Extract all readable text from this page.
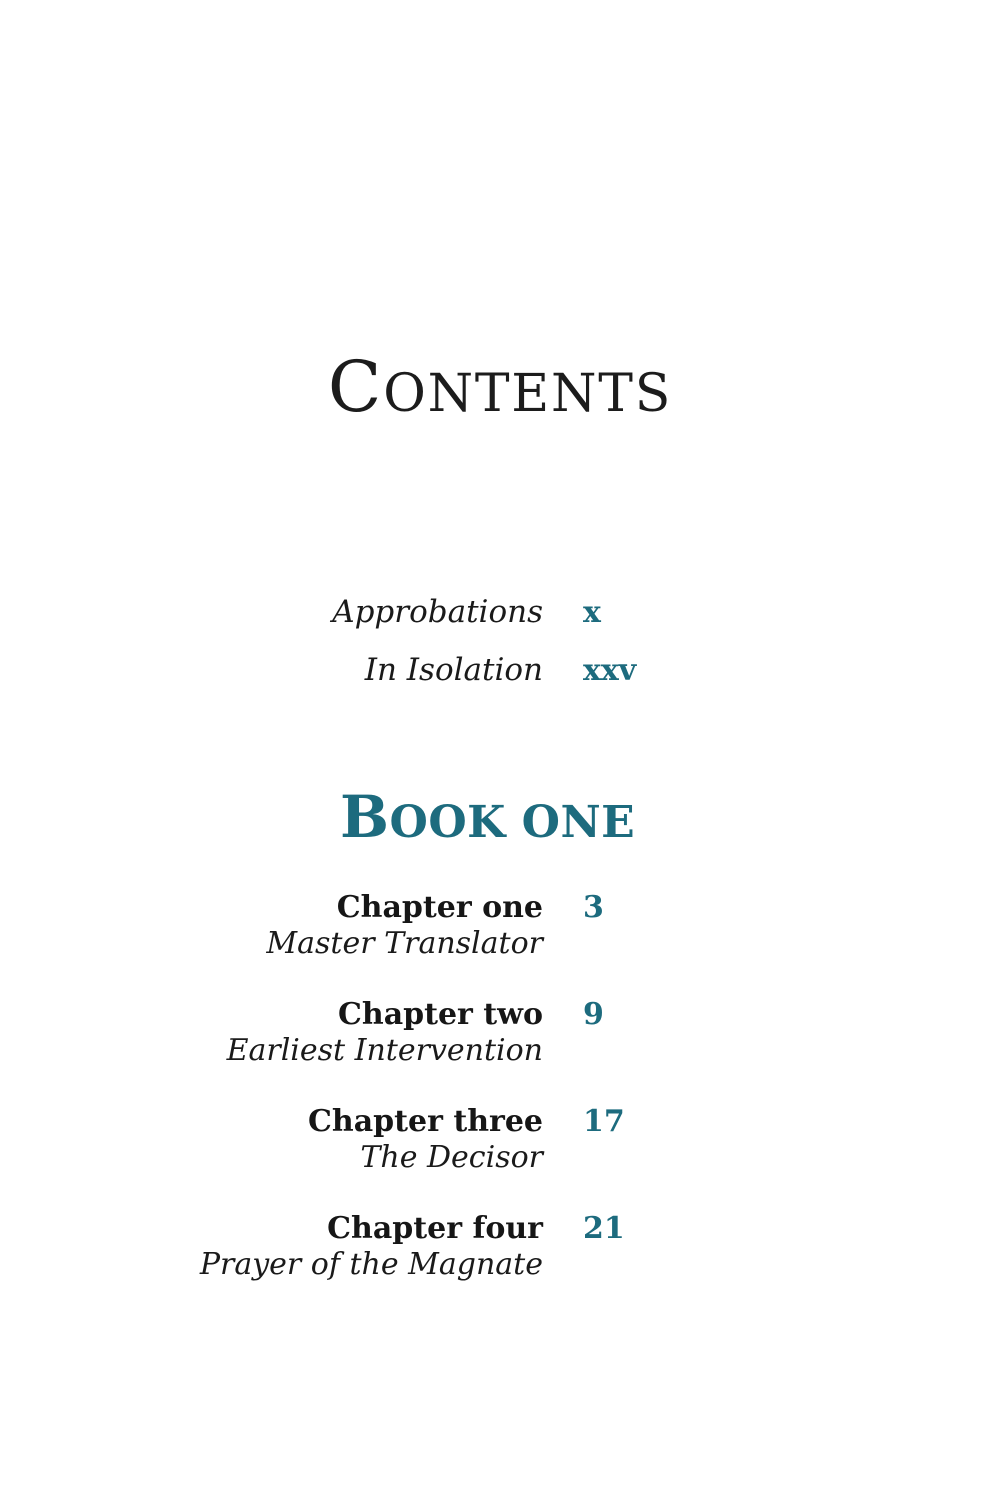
CONTENTS
Approbations x
In Isolation xxv
BOOK ONE
Chapter one
Master Translator
3
Chapter two
Earliest Intervention
9
Chapter three
The Decisor
17
Chapter four
Prayer of the Magnate
21
